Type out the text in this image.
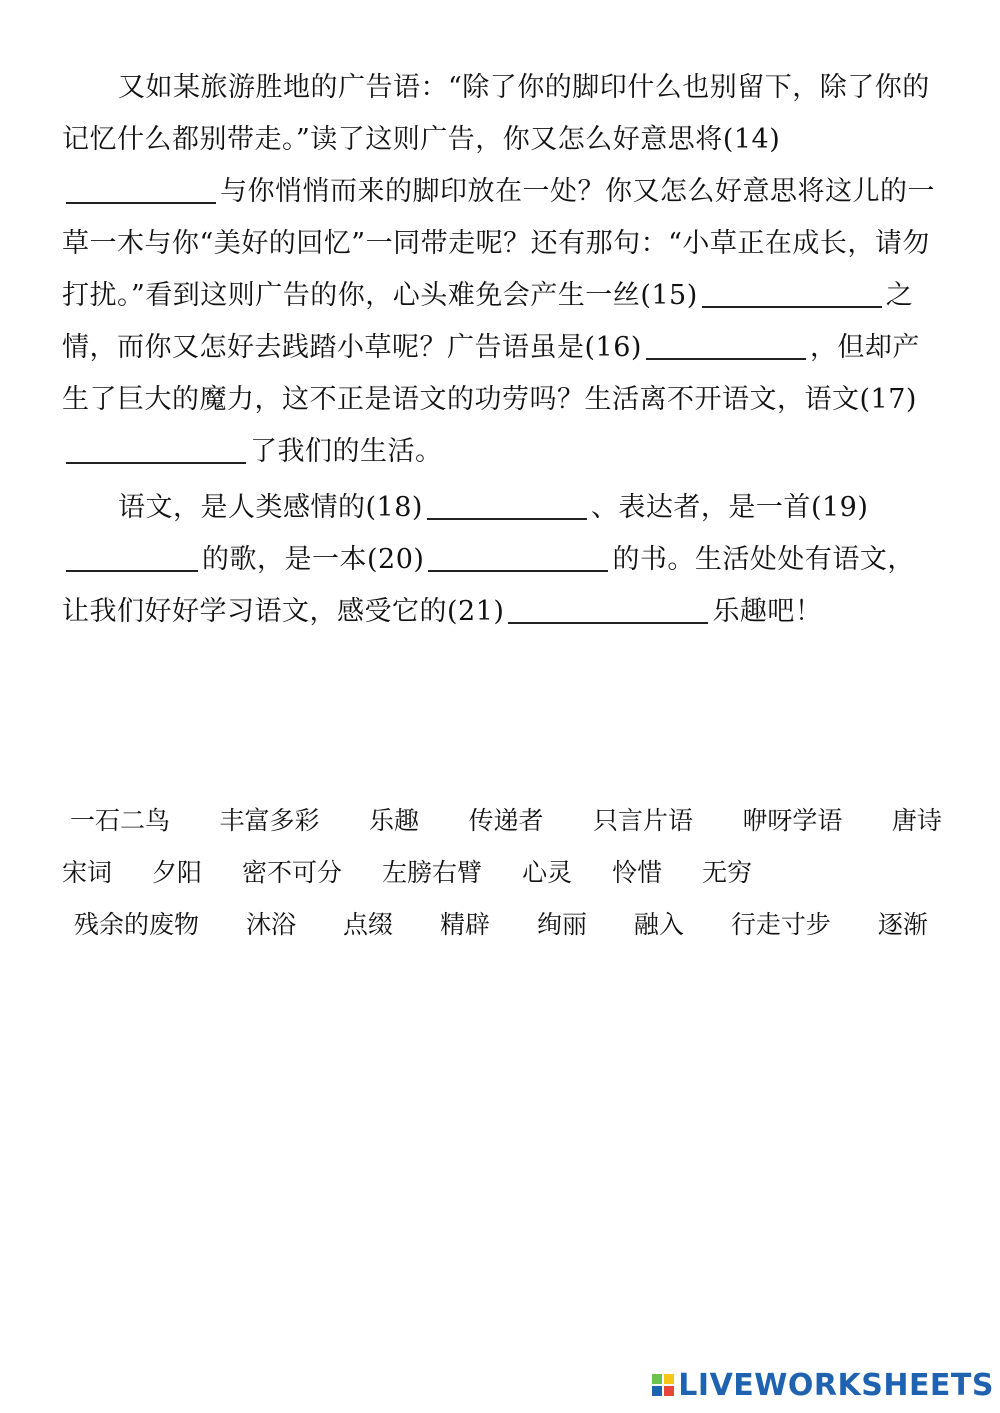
又如某旅游胜地的广告语：“除了你的脚印什么也别留下，除了你的记忆什么都别带走。”读了这则广告，你又怎么好意思将(14)与你悄悄而来的脚印放在一处？你又怎么好意思将这儿的一草一木与你“美好的回忆”一同带走呢？还有那句：“小草正在成长，请勿打扰。”看到这则广告的你，心头难免会产生一丝(15)	之情，而你又怎好去践踏小草呢？广告语虽是(16)	，但却产生了巨大的魔力，这不正是语文的功劳吗？生活离不开语文，语文(17)了我们的生活。

语文，是人类感情的(18)	、表达者，是一首(19)的歌，是一本(20)	的书。生活处处有语文，让我们好好学习语文，感受它的(21)	乐趣吧！

一石二鸟 丰富多彩 乐趣 传递者 只言片语 咿呀学语 唐诗
宋词 夕阳 密不可分 左膀右臂 心灵 怜惜 无穷
残余的废物 沐浴 点缀 精辟 绚丽 融入 行走寸步 逐渐
LIVEWORKSHEETS
